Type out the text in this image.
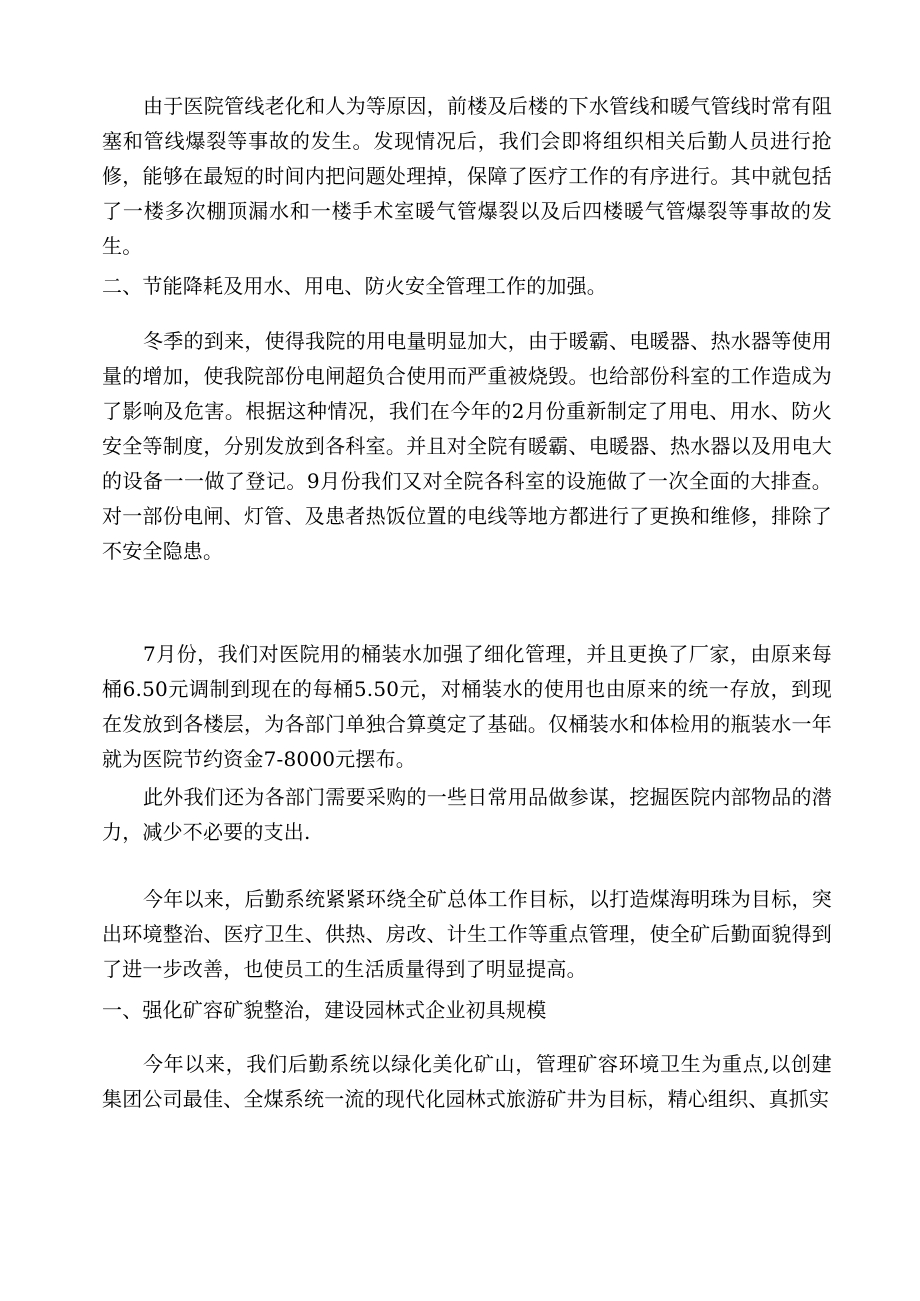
由于医院管线老化和人为等原因，前楼及后楼的下水管线和暖气管线时常有阻塞和管线爆裂等事故的发生。发现情况后，我们会即将组织相关后勤人员进行抢修，能够在最短的时间内把问题处理掉，保障了医疗工作的有序进行。其中就包括了一楼多次棚顶漏水和一楼手术室暖气管爆裂以及后四楼暖气管爆裂等事故的发生。

二、节能降耗及用水、用电、防火安全管理工作的加强。

冬季的到来，使得我院的用电量明显加大，由于暖霸、电暖器、热水器等使用量的增加，使我院部份电闸超负合使用而严重被烧毁。也给部份科室的工作造成为了影响及危害。根据这种情况，我们在今年的2月份重新制定了用电、用水、防火安全等制度，分别发放到各科室。并且对全院有暖霸、电暖器、热水器以及用电大的设备一一做了登记。9月份我们又对全院各科室的设施做了一次全面的大排查。对一部份电闸、灯管、及患者热饭位置的电线等地方都进行了更换和维修，排除了不安全隐患。

7月份，我们对医院用的桶装水加强了细化管理，并且更换了厂家，由原来每桶6.50元调制到现在的每桶5.50元，对桶装水的使用也由原来的统一存放，到现在发放到各楼层，为各部门单独合算奠定了基础。仅桶装水和体检用的瓶装水一年就为医院节约资金7-8000元摆布。

此外我们还为各部门需要采购的一些日常用品做参谋，挖掘医院内部物品的潜力，减少不必要的支出.

今年以来，后勤系统紧紧环绕全矿总体工作目标，以打造煤海明珠为目标，突出环境整治、医疗卫生、供热、房改、计生工作等重点管理，使全矿后勤面貌得到了进一步改善，也使员工的生活质量得到了明显提高。

一、强化矿容矿貌整治，建设园林式企业初具规模

今年以来，我们后勤系统以绿化美化矿山，管理矿容环境卫生为重点,以创建集团公司最佳、全煤系统一流的现代化园林式旅游矿井为目标，精心组织、真抓实
